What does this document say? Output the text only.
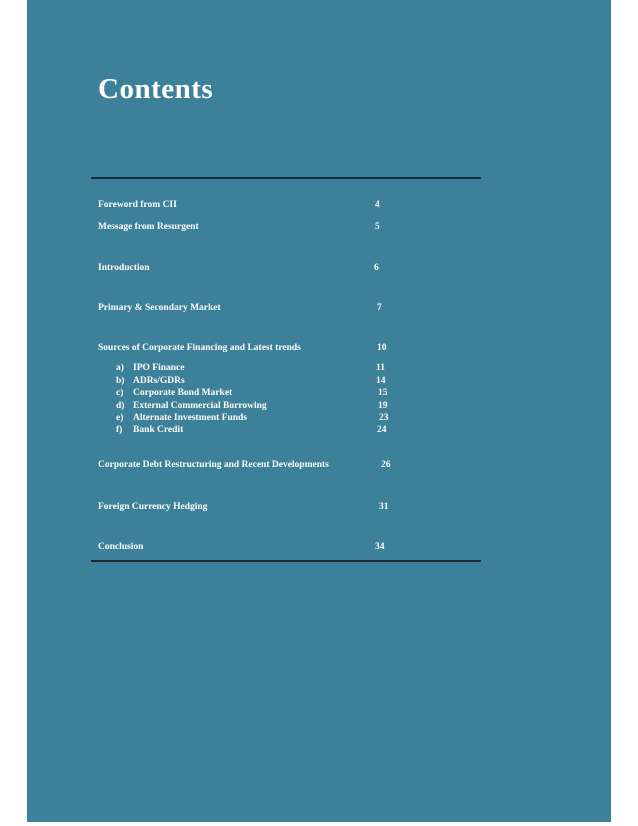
Contents
Foreword from CII	4
Message from Resurgent	5
Introduction	6
Primary & Secondary Market	7
Sources of Corporate Financing and Latest trends	10
a) IPO Finance	11
b) ADRs/GDRs	14
c) Corporate Bond Market	15
d) External Commercial Borrowing	19
e) Alternate Investment Funds	23
f) Bank Credit	24
Corporate Debt Restructuring and Recent Developments	26
Foreign Currency Hedging	31
Conclusion	34
